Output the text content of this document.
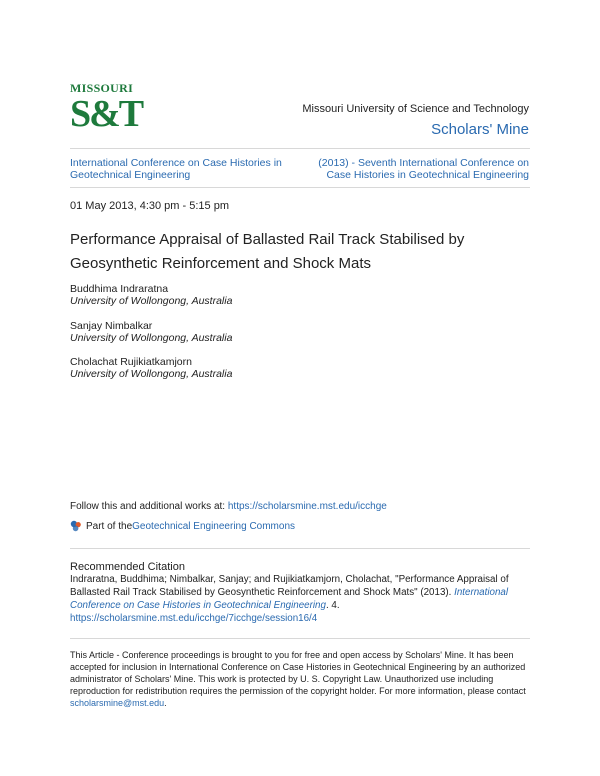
MISSOURI
S&T	Missouri University of Science and Technology
Scholars' Mine
International Conference on Case Histories in Geotechnical Engineering
(2013) - Seventh International Conference on Case Histories in Geotechnical Engineering
01 May 2013, 4:30 pm - 5:15 pm
Performance Appraisal of Ballasted Rail Track Stabilised by Geosynthetic Reinforcement and Shock Mats
Buddhima Indraratna
University of Wollongong, Australia
Sanjay Nimbalkar
University of Wollongong, Australia
Cholachat Rujikiatkamjorn
University of Wollongong, Australia
Follow this and additional works at: https://scholarsmine.mst.edu/icchge
Part of the Geotechnical Engineering Commons
Recommended Citation
Indraratna, Buddhima; Nimbalkar, Sanjay; and Rujikiatkamjorn, Cholachat, "Performance Appraisal of Ballasted Rail Track Stabilised by Geosynthetic Reinforcement and Shock Mats" (2013). International Conference on Case Histories in Geotechnical Engineering. 4.
https://scholarsmine.mst.edu/icchge/7icchge/session16/4
This Article - Conference proceedings is brought to you for free and open access by Scholars' Mine. It has been accepted for inclusion in International Conference on Case Histories in Geotechnical Engineering by an authorized administrator of Scholars' Mine. This work is protected by U. S. Copyright Law. Unauthorized use including reproduction for redistribution requires the permission of the copyright holder. For more information, please contact scholarsmine@mst.edu.
